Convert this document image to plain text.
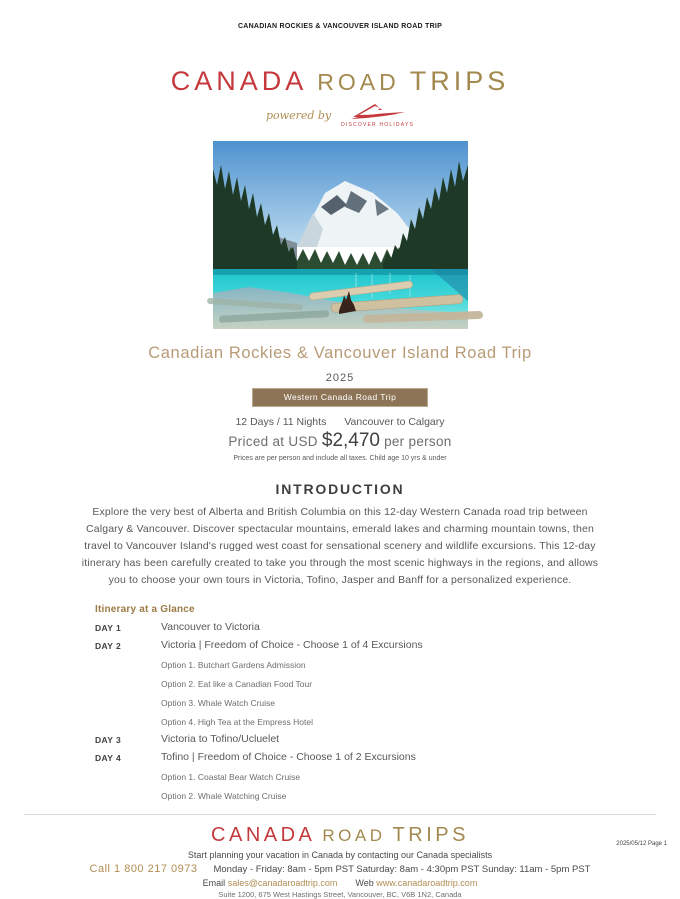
CANADIAN ROCKIES & VANCOUVER ISLAND ROAD TRIP
CANADA ROAD TRIPS
powered by
DISCOVER HOLIDAYS
Canadian Rockies & Vancouver Island Road Trip
2025
Western Canada Road Trip
12 Days / 11 Nights Vancouver to Calgary
Priced at USD $2,470 per person
Prices are per person and include all taxes. Child age 10 yrs & under
INTRODUCTION
Explore the very best of Alberta and British Columbia on this 12-day Western Canada road trip between Calgary & Vancouver. Discover spectacular mountains, emerald lakes and charming mountain towns, then travel to Vancouver Island's rugged west coast for sensational scenery and wildlife excursions. This 12-day itinerary has been carefully created to take you through the most scenic highways in the regions, and allows you to choose your own tours in Victoria, Tofino, Jasper and Banff for a personalized experience.
Itinerary at a Glance
DAY 1	Vancouver to Victoria
DAY 2	Victoria | Freedom of Choice - Choose 1 of 4 Excursions
Option 1. Butchart Gardens Admission
Option 2. Eat like a Canadian Food Tour
Option 3. Whale Watch Cruise
Option 4. High Tea at the Empress Hotel
DAY 3	Victoria to Tofino/Ucluelet
DAY 4	Tofino | Freedom of Choice - Choose 1 of 2 Excursions
Option 1. Coastal Bear Watch Cruise
Option 2. Whale Watching Cruise
CANADA ROAD TRIPS
Start planning your vacation in Canada by contacting our Canada specialists
Call 1 800 217 0973 Monday - Friday: 8am - 5pm PST Saturday: 8am - 4:30pm PST Sunday: 11am - 5pm PST
Email sales@canadaroadtrip.com Web www.canadaroadtrip.com
Suite 1200, 675 West Hastings Street, Vancouver, BC, V6B 1N2, Canada
2025/05/12 Page 1
